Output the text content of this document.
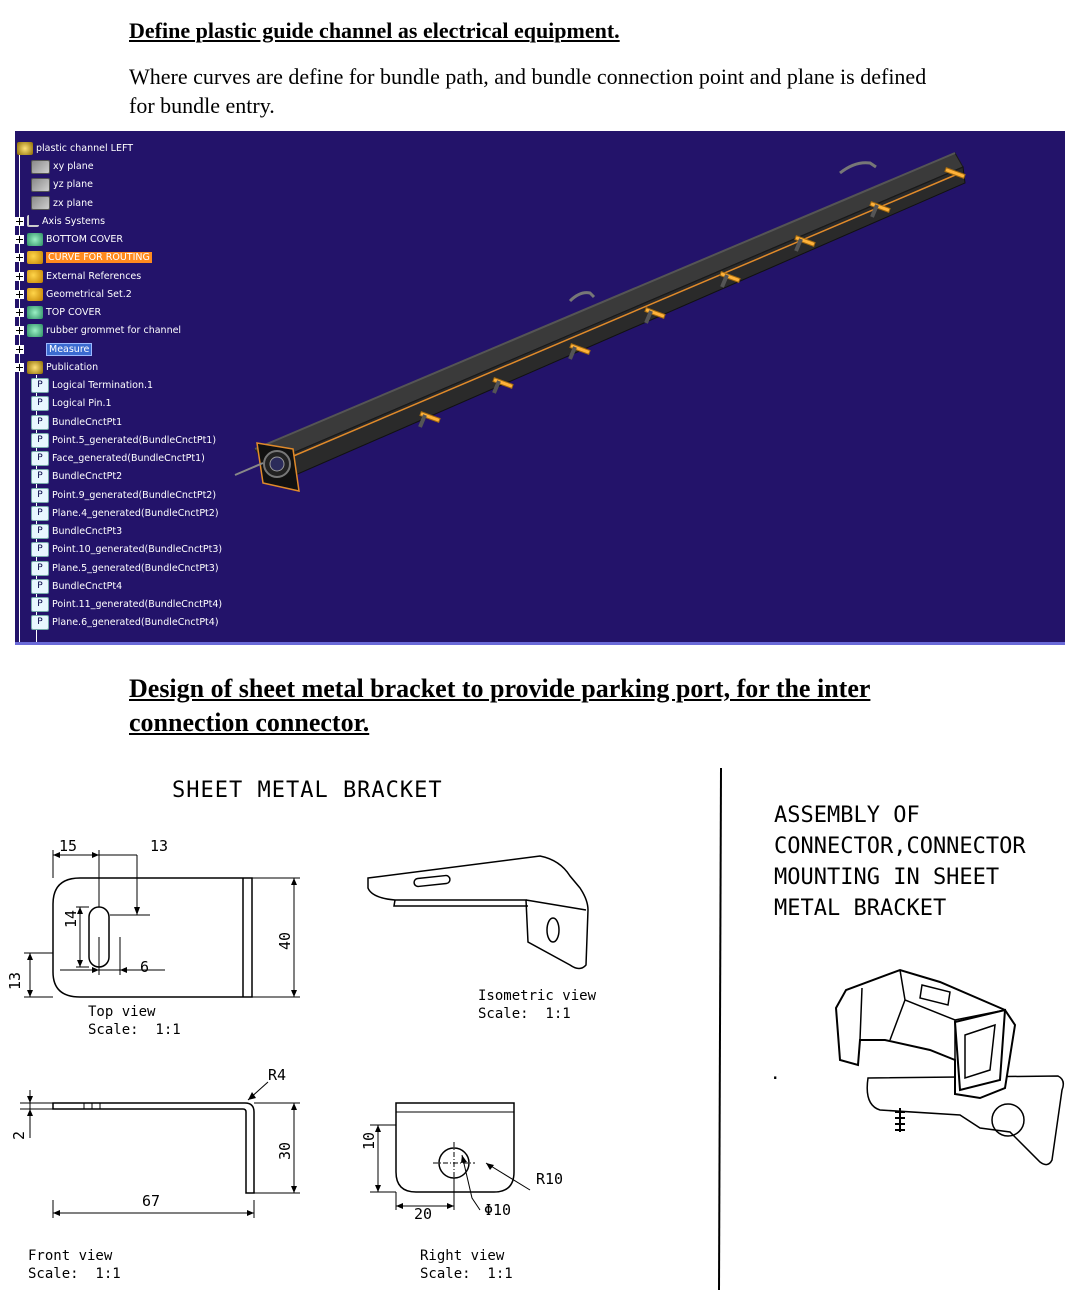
Define plastic guide channel as electrical equipment.
Where curves are define for bundle path, and bundle connection point and plane is defined for bundle entry.
plastic channel LEFT
xy plane
yz plane
zx plane
Axis Systems
BOTTOM COVER
CURVE FOR ROUTING
External References
Geometrical Set.2
TOP COVER
rubber grommet for channel
Measure
Publication
P Logical Termination.1
P Logical Pin.1
P BundleCnctPt1
P Point.5_generated(BundleCnctPt1)
P Face_generated(BundleCnctPt1)
P BundleCnctPt2
P Point.9_generated(BundleCnctPt2)
P Plane.4_generated(BundleCnctPt2)
P BundleCnctPt3
P Point.10_generated(BundleCnctPt3)
P Plane.5_generated(BundleCnctPt3)
P BundleCnctPt4
P Point.11_generated(BundleCnctPt4)
P Plane.6_generated(BundleCnctPt4)
Design of sheet metal bracket to provide parking port, for the inter connection connector.
SHEET METAL BRACKET
ASSEMBLY OF CONNECTOR,CONNECTOR MOUNTING IN SHEET METAL BRACKET
15	13
14
6
40
13
Top view
Scale:  1:1
Isometric view
Scale:  1:1
2
R4
30
67
Front view
Scale:  1:1
10
R10
20	Φ10
Right view
Scale:  1:1
.
